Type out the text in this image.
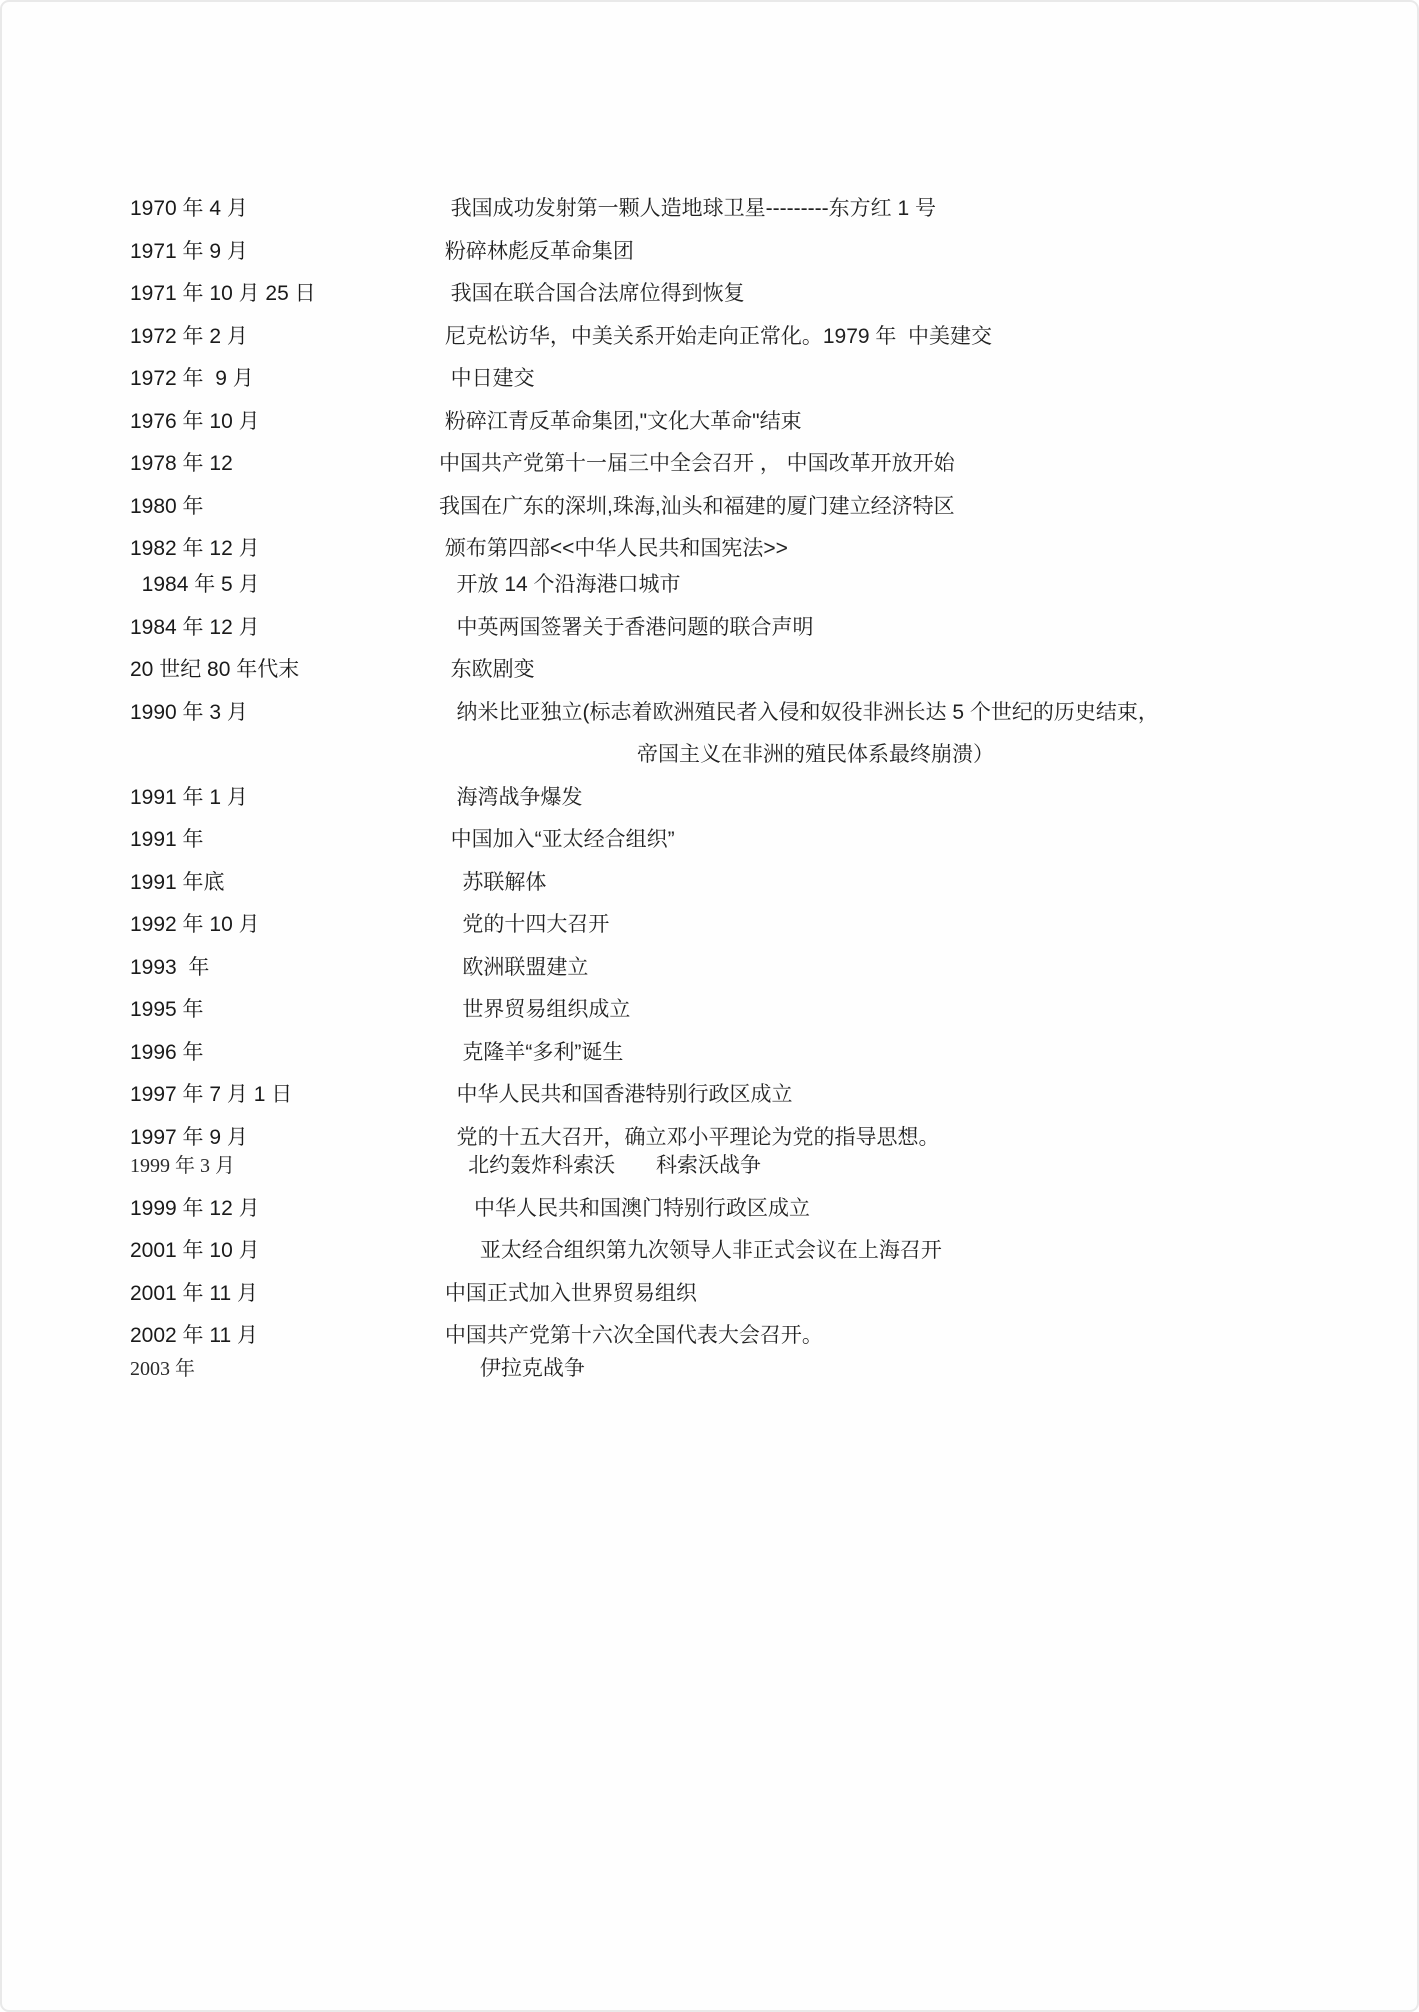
1970 年 4 月	我国成功发射第一颗人造地球卫星---------东方红 1 号
1971 年 9 月	粉碎林彪反革命集团
1971 年 10 月 25 日	我国在联合国合法席位得到恢复
1972 年 2 月	尼克松访华，中美关系开始走向正常化。1979 年  中美建交
1972 年  9 月	中日建交
1976 年 10 月	粉碎江青反革命集团,"文化大革命"结束
1978 年 12	中国共产党第十一届三中全会召开 ， 中国改革开放开始
1980 年	我国在广东的深圳,珠海,汕头和福建的厦门建立经济特区
1982 年 12 月	颁布第四部<<中华人民共和国宪法>>
1984 年 5 月	开放 14 个沿海港口城市
1984 年 12 月	中英两国签署关于香港问题的联合声明
20 世纪 80 年代末	东欧剧变
1990 年 3 月	纳米比亚独立(标志着欧洲殖民者入侵和奴役非洲长达 5 个世纪的历史结束，
帝国主义在非洲的殖民体系最终崩溃）
1991 年 1 月	海湾战争爆发
1991 年	中国加入“亚太经合组织”
1991 年底	苏联解体
1992 年 10 月	党的十四大召开
1993  年	欧洲联盟建立
1995 年	世界贸易组织成立
1996 年	克隆羊“多利”诞生
1997 年 7 月 1 日	中华人民共和国香港特别行政区成立
1997 年 9 月	党的十五大召开，确立邓小平理论为党的指导思想。
1999 年 3 月	北约轰炸科索沃       科索沃战争
1999 年 12 月	中华人民共和国澳门特别行政区成立
2001 年 10 月	亚太经合组织第九次领导人非正式会议在上海召开
2001 年 11 月	中国正式加入世界贸易组织
2002 年 11 月	中国共产党第十六次全国代表大会召开。
2003 年	伊拉克战争
